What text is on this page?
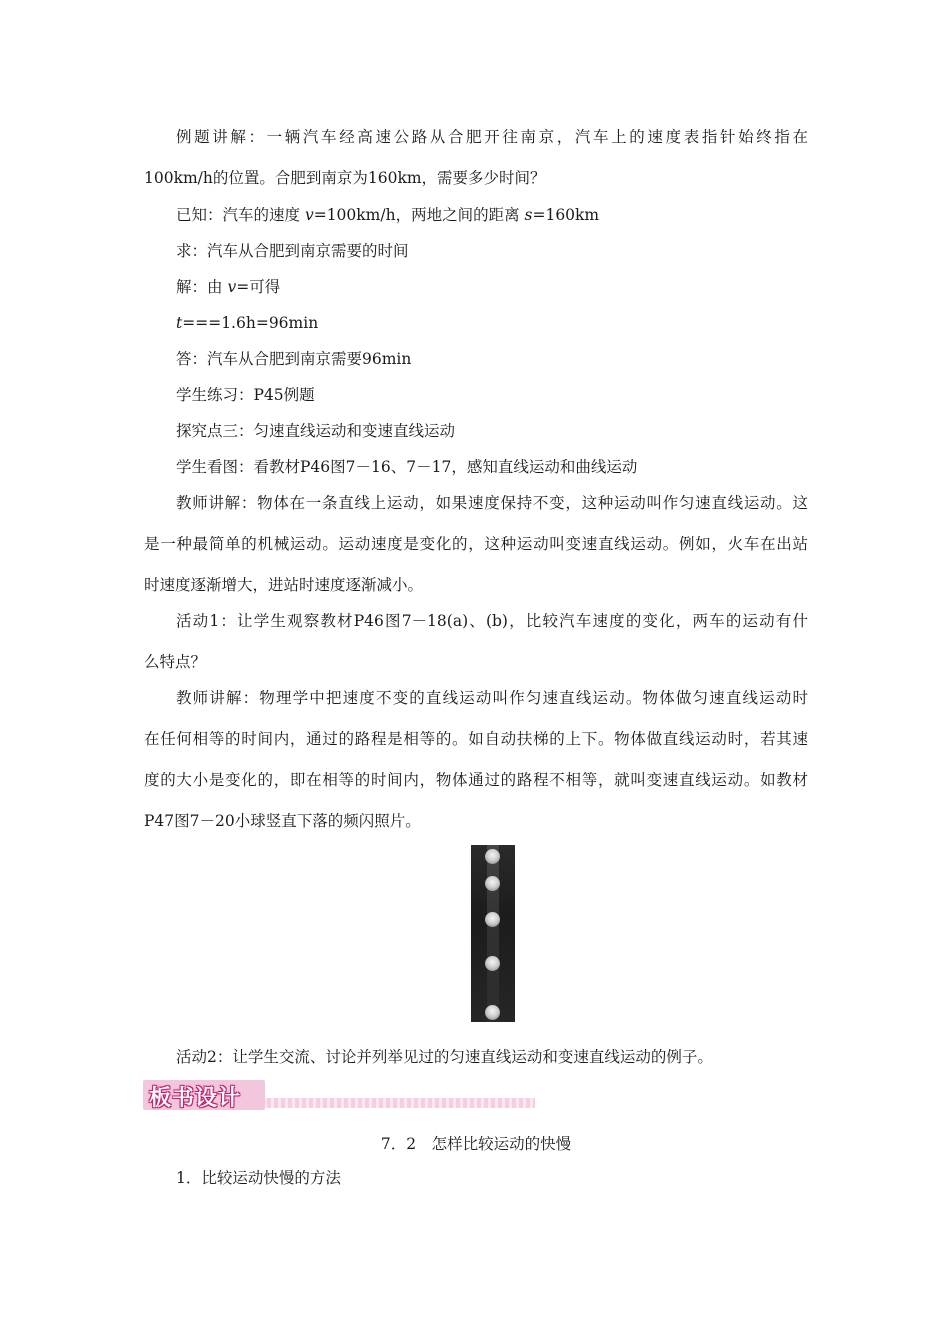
例题讲解：一辆汽车经高速公路从合肥开往南京，汽车上的速度表指针始终指在
100km/h的位置。合肥到南京为160km，需要多少时间？
已知：汽车的速度 v=100km/h，两地之间的距离 s=160km
求：汽车从合肥到南京需要的时间
解：由 v=可得
t===1.6h=96min
答：汽车从合肥到南京需要96min
学生练习：P45例题
探究点三：匀速直线运动和变速直线运动
学生看图：看教材P46图7－16、7－17，感知直线运动和曲线运动
教师讲解：物体在一条直线上运动，如果速度保持不变，这种运动叫作匀速直线运动。这
是一种最简单的机械运动。运动速度是变化的，这种运动叫变速直线运动。例如，火车在出站
时速度逐渐增大，进站时速度逐渐减小。
活动1：让学生观察教材P46图7－18(a)、(b)，比较汽车速度的变化，两车的运动有什
么特点？
教师讲解：物理学中把速度不变的直线运动叫作匀速直线运动。物体做匀速直线运动时
在任何相等的时间内，通过的路程是相等的。如自动扶梯的上下。物体做直线运动时，若其速
度的大小是变化的，即在相等的时间内，物体通过的路程不相等，就叫变速直线运动。如教材
P47图7－20小球竖直下落的频闪照片。
活动2：让学生交流、讨论并列举见过的匀速直线运动和变速直线运动的例子。
板书设计
7．2　怎样比较运动的快慢
1．比较运动快慢的方法
